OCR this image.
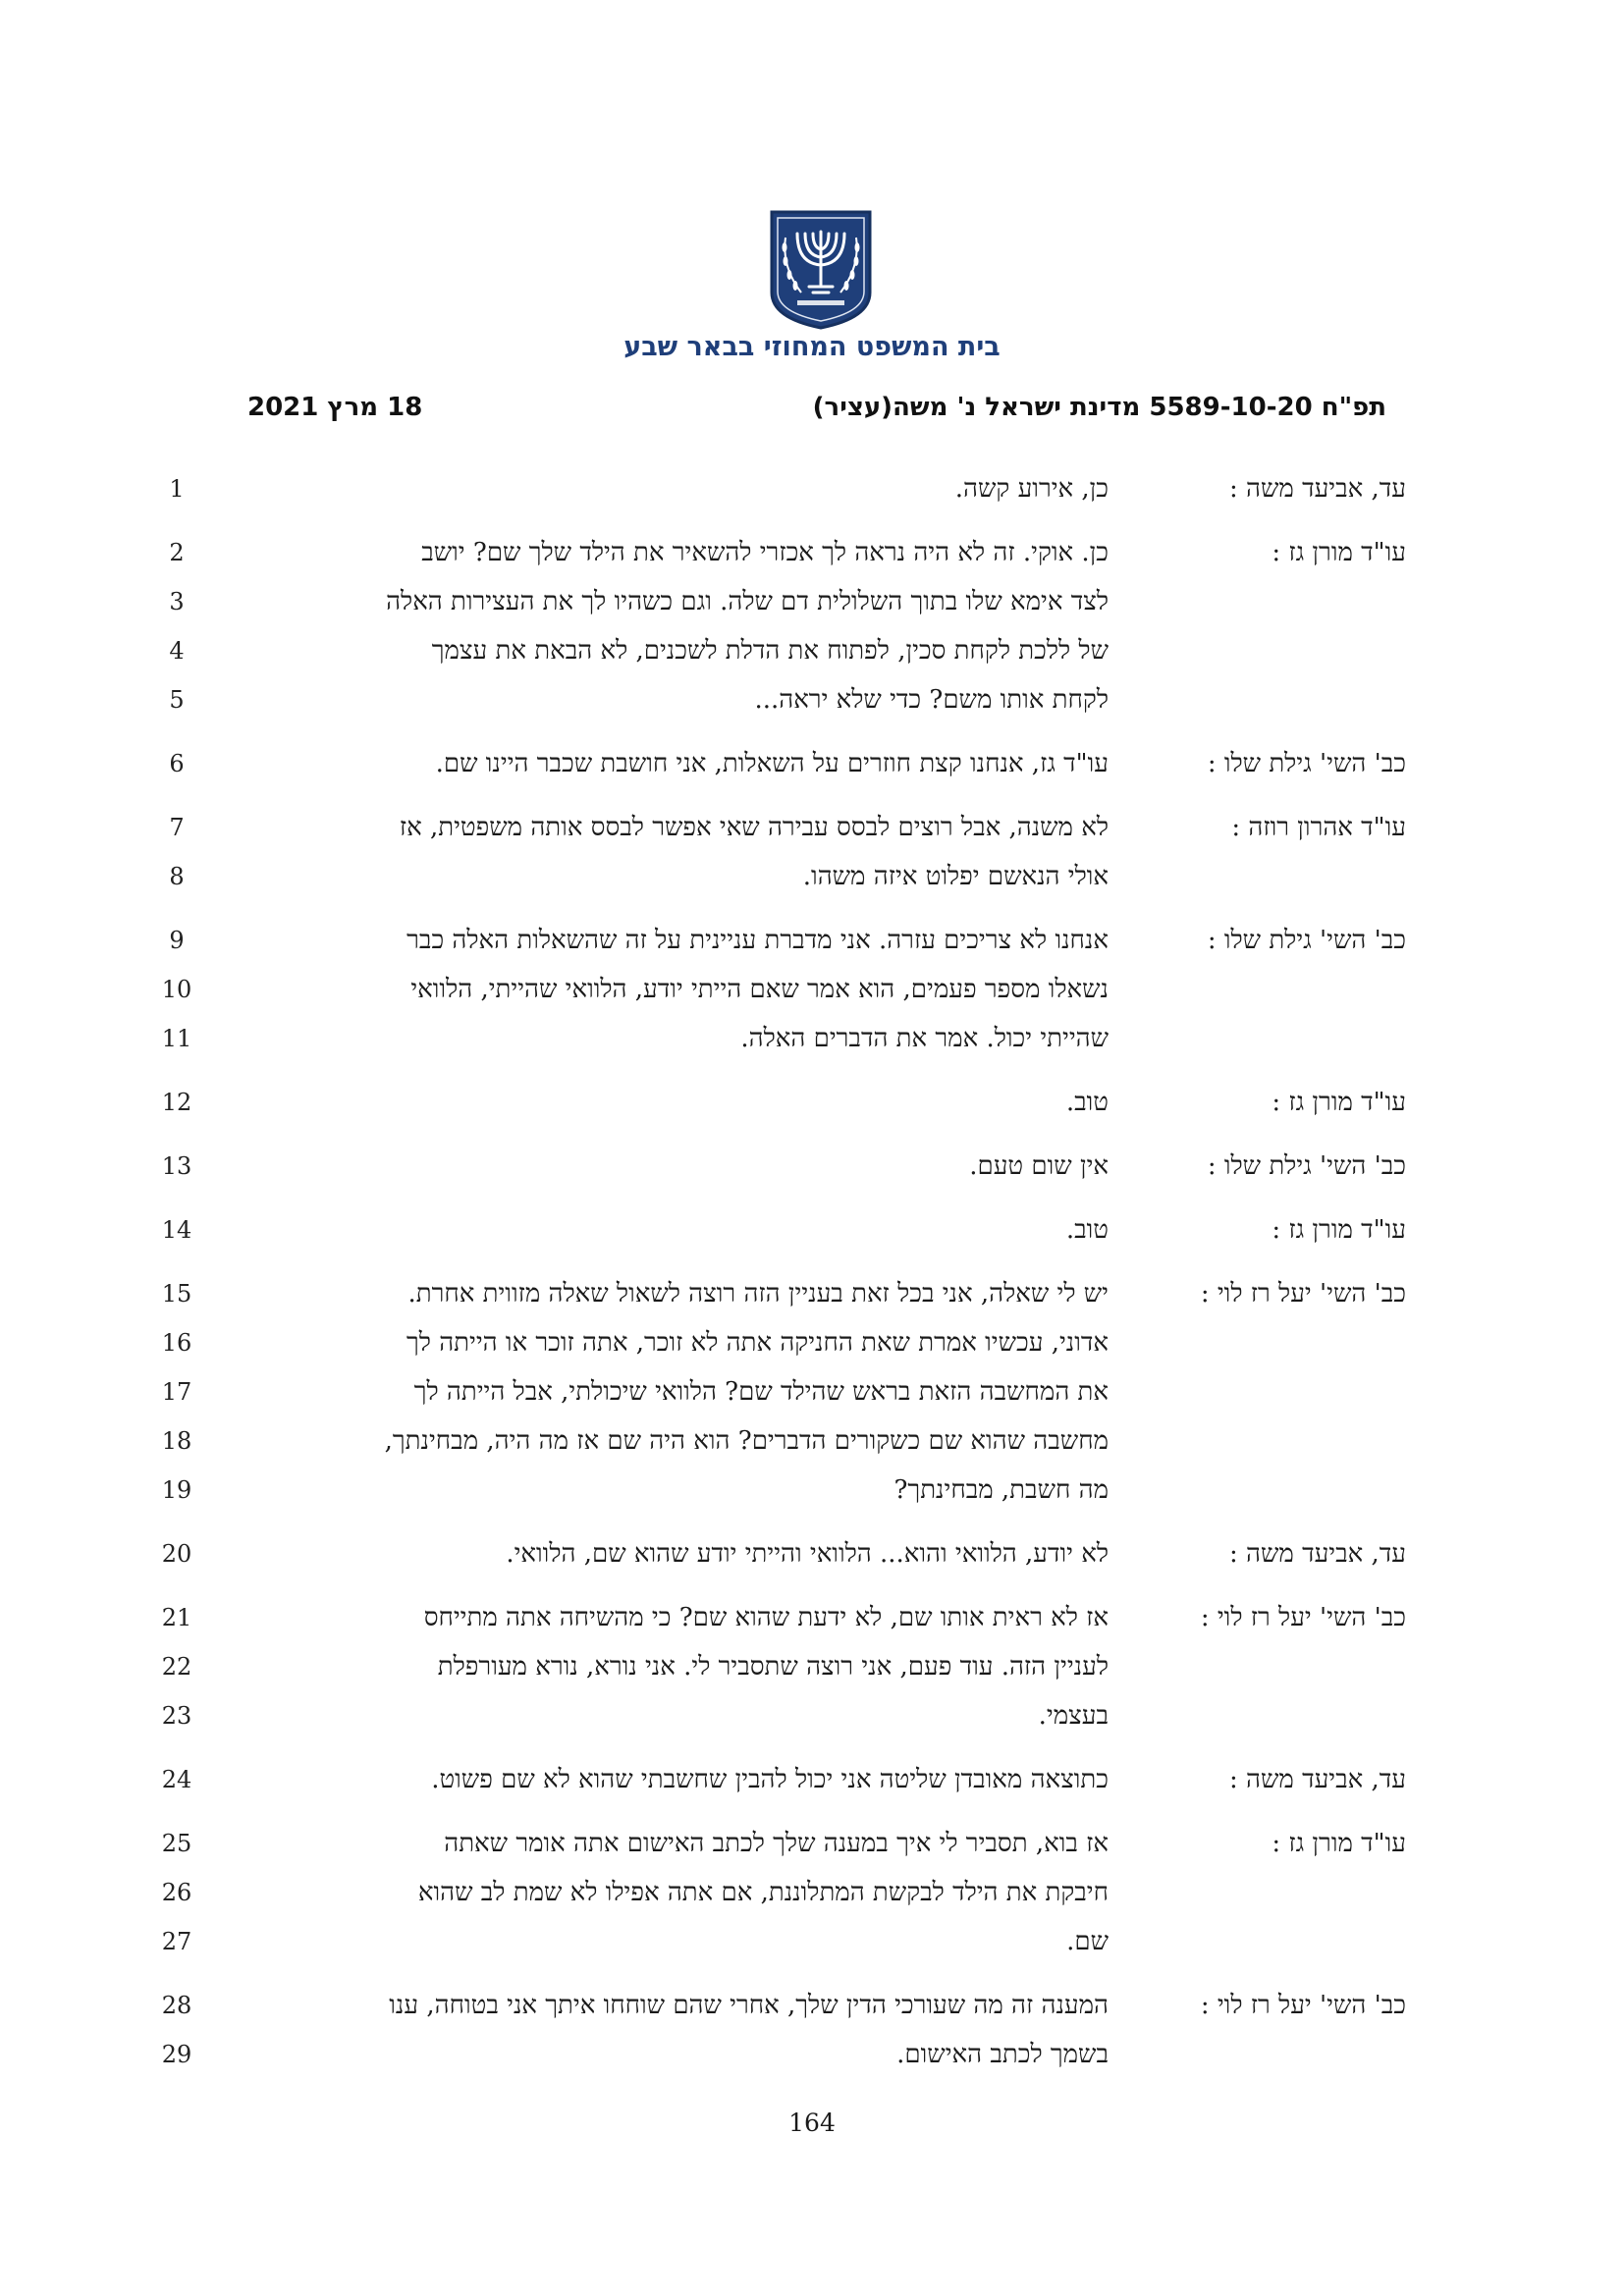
בית המשפט המחוזי בבאר שבע
תפ"ח 5589-10-20 מדינת ישראל נ' משה(עציר)
18 מרץ 2021
1	עד, אביעד משה :
כן, אירוע קשה.
2	עו"ד מורן גז :
כן. אוקי. זה לא היה נראה לך אכזרי להשאיר את הילד שלך שם? יושב
3	לצד אימא שלו בתוך השלולית דם שלה. וגם כשהיו לך את העצירות האלה
4	של ללכת לקחת סכין, לפתוח את הדלת לשכנים, לא הבאת את עצמך
5	לקחת אותו משם? כדי שלא יראה...
6	כב' השי' גילת שלו :
עו"ד גז, אנחנו קצת חוזרים על השאלות, אני חושבת שכבר היינו שם.
7	עו"ד אהרון רוזה :
לא משנה, אבל רוצים לבסס עבירה שאי אפשר לבסס אותה משפטית, אז
8	אולי הנאשם יפלוט איזה משהו.
9	כב' השי' גילת שלו :
אנחנו לא צריכים עזרה. אני מדברת עניינית על זה שהשאלות האלה כבר
10	נשאלו מספר פעמים, הוא אמר שאם הייתי יודע, הלוואי שהייתי, הלוואי
11	שהייתי יכול. אמר את הדברים האלה.
12	עו"ד מורן גז :
טוב.
13	כב' השי' גילת שלו :
אין שום טעם.
14	עו"ד מורן גז :
טוב.
15	כב' השי' יעל רז לוי :
יש לי שאלה, אני בכל זאת בעניין הזה רוצה לשאול שאלה מזווית אחרת.
16	אדוני, עכשיו אמרת שאת החניקה אתה לא זוכר, אתה זוכר או הייתה לך
17	את המחשבה הזאת בראש שהילד שם? הלוואי שיכולתי, אבל הייתה לך
18	מחשבה שהוא שם כשקורים הדברים? הוא היה שם אז מה היה, מבחינתך,
19	מה חשבת, מבחינתך?
20	עד, אביעד משה :
לא יודע, הלוואי והוא... הלוואי והייתי יודע שהוא שם, הלוואי.
21	כב' השי' יעל רז לוי :
אז לא ראית אותו שם, לא ידעת שהוא שם? כי מהשיחה אתה מתייחס
22	לעניין הזה. עוד פעם, אני רוצה שתסביר לי. אני נורא, נורא מעורפלת
23	בעצמי.
24	עד, אביעד משה :
כתוצאה מאובדן שליטה אני יכול להבין שחשבתי שהוא לא שם פשוט.
25	עו"ד מורן גז :
אז בוא, תסביר לי איך במענה שלך לכתב האישום אתה אומר שאתה
26	חיבקת את הילד לבקשת המתלוננת, אם אתה אפילו לא שמת לב שהוא
27	שם.
28	כב' השי' יעל רז לוי :
המענה זה מה שעורכי הדין שלך, אחרי שהם שוחחו איתך אני בטוחה, ענו
29	בשמך לכתב האישום.
164
